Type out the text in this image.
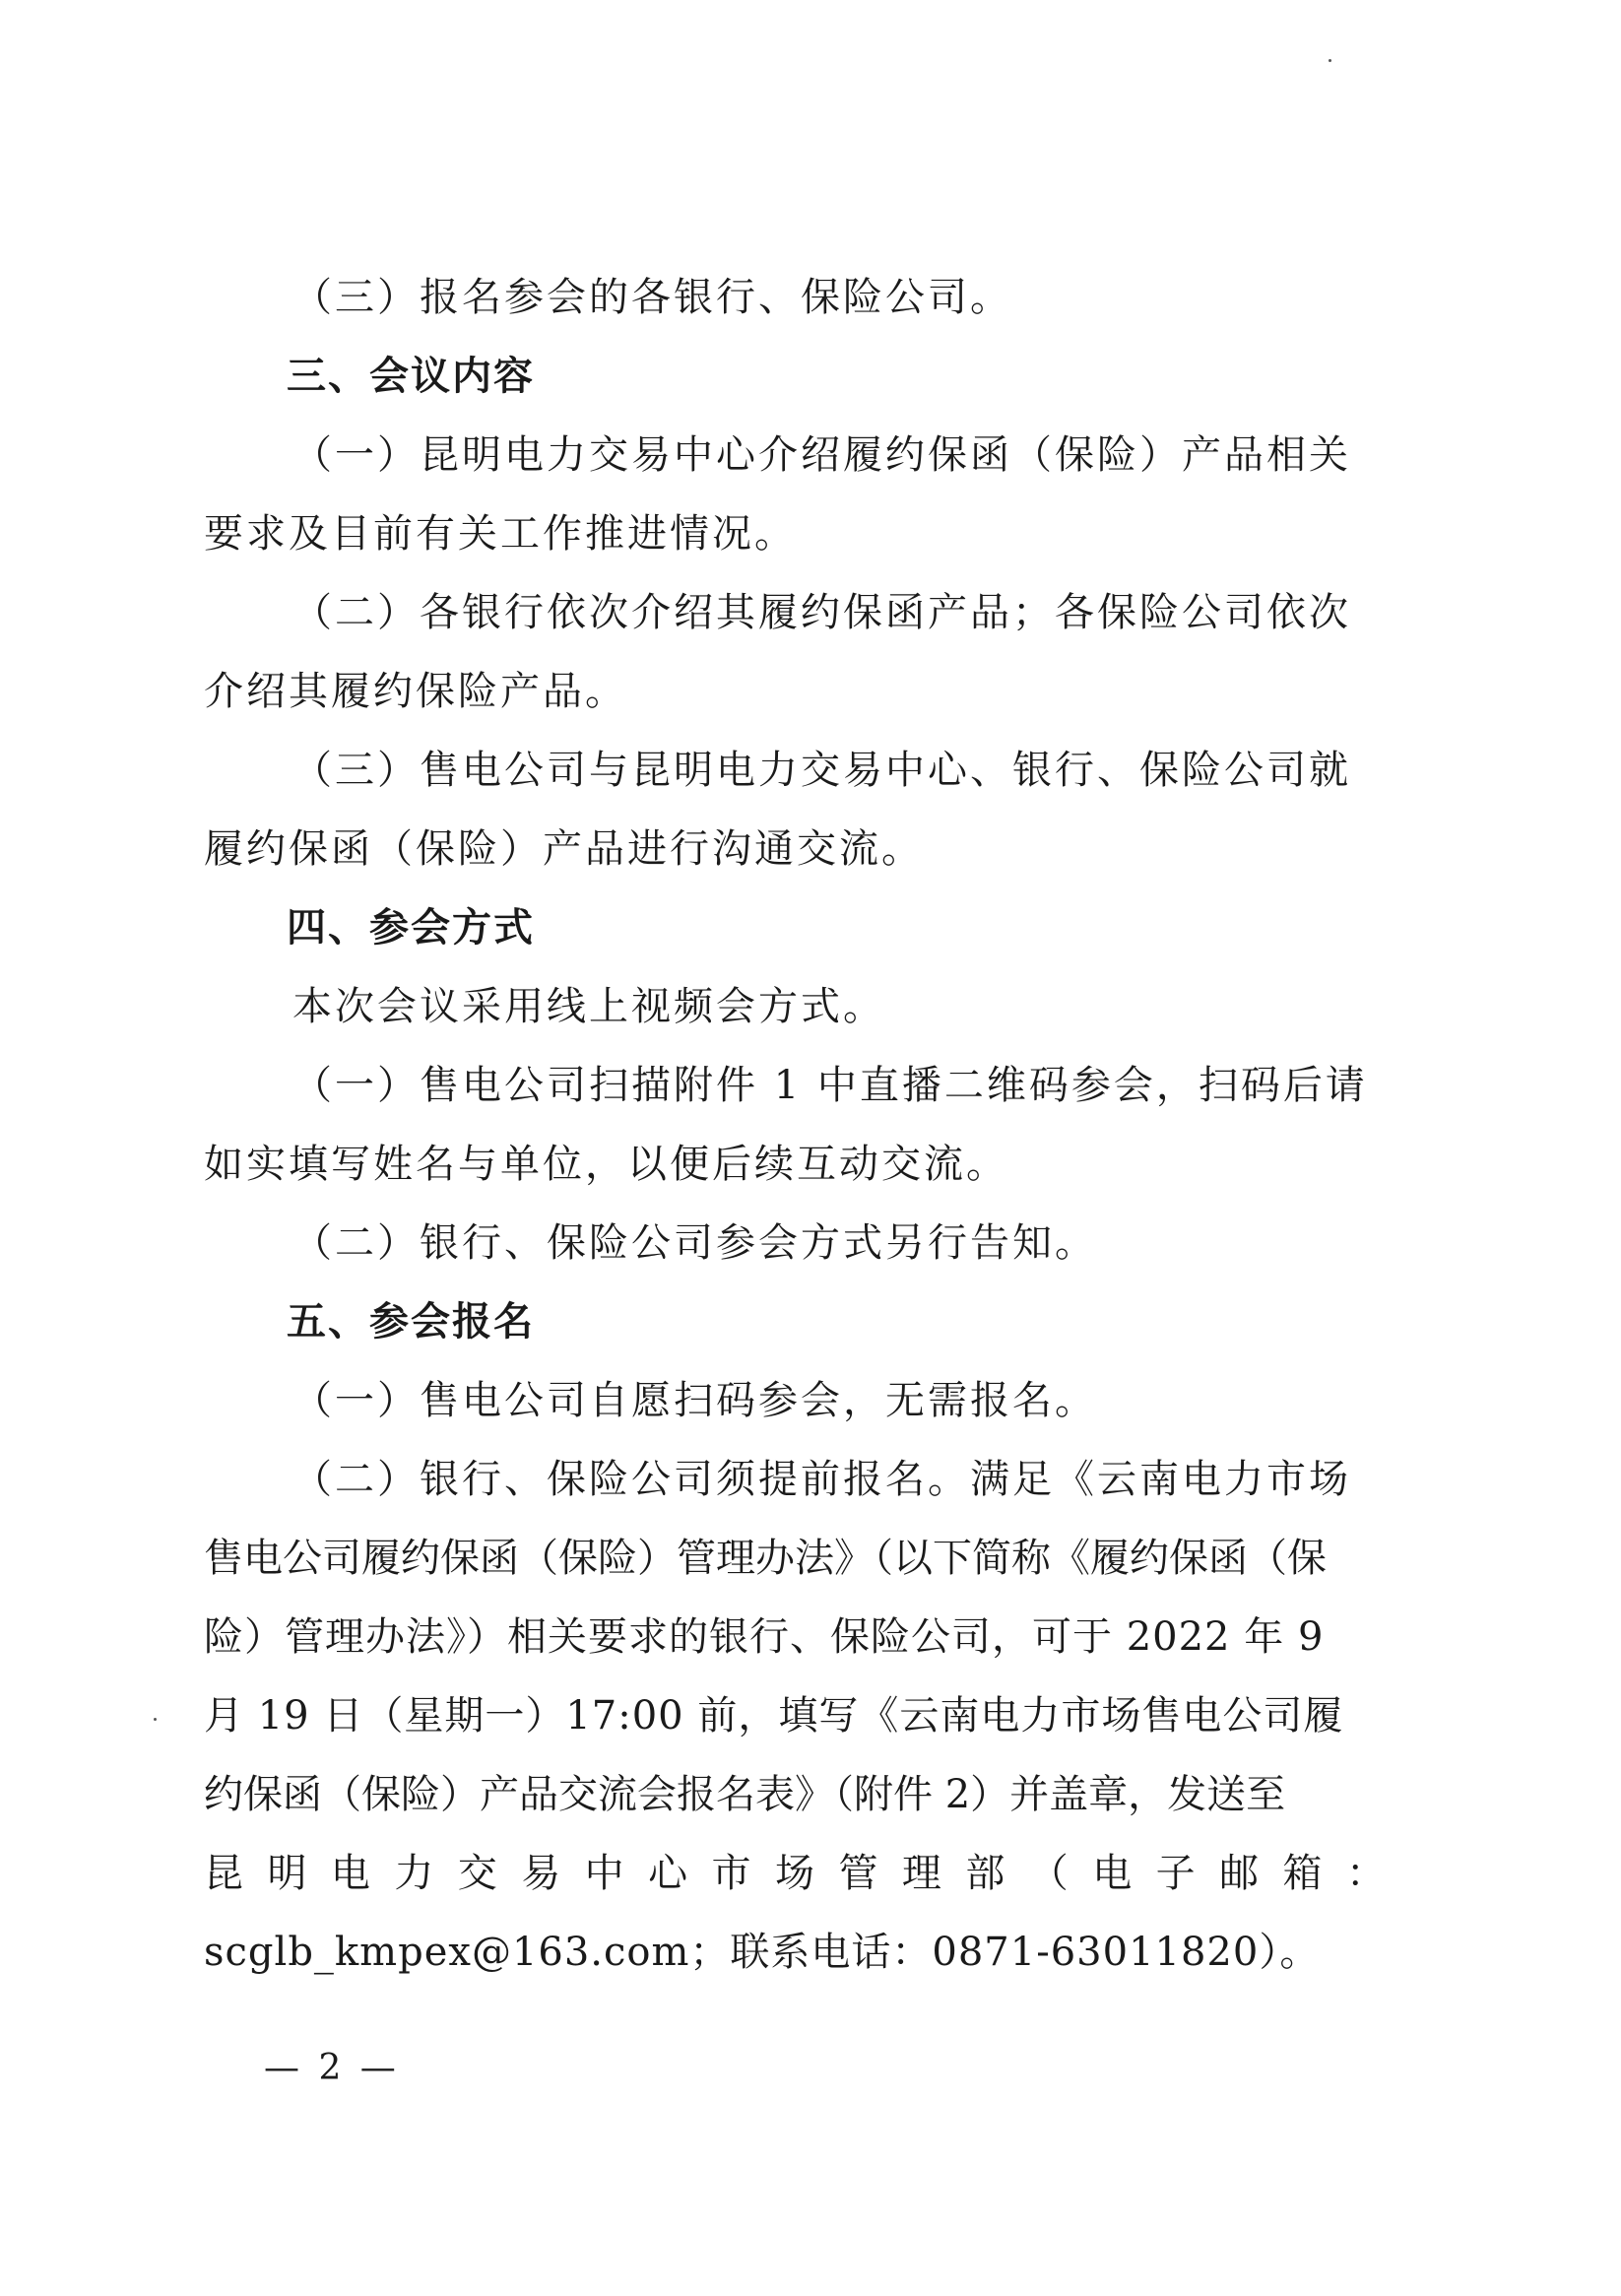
（三）报名参会的各银行、保险公司。
三、会议内容
（一）昆明电力交易中心介绍履约保函（保险）产品相关
要求及目前有关工作推进情况。
（二）各银行依次介绍其履约保函产品；各保险公司依次
介绍其履约保险产品。
（三）售电公司与昆明电力交易中心、银行、保险公司就
履约保函（保险）产品进行沟通交流。
四、参会方式
本次会议采用线上视频会方式。
（一）售电公司扫描附件 1 中直播二维码参会，扫码后请
如实填写姓名与单位，以便后续互动交流。
（二）银行、保险公司参会方式另行告知。
五、参会报名
（一）售电公司自愿扫码参会，无需报名。
（二）银行、保险公司须提前报名。满足《云南电力市场
售电公司履约保函（保险）管理办法》（以下简称《履约保函（保
险）管理办法》）相关要求的银行、保险公司，可于 2022 年 9
月 19 日（星期一）17:00 前，填写《云南电力市场售电公司履
约保函（保险）产品交流会报名表》（附件 2）并盖章，发送至
昆明电力交易中心市场管理部（电子邮箱：
scglb_kmpex@163.com；联系电话：0871-63011820）。
— 2 —
